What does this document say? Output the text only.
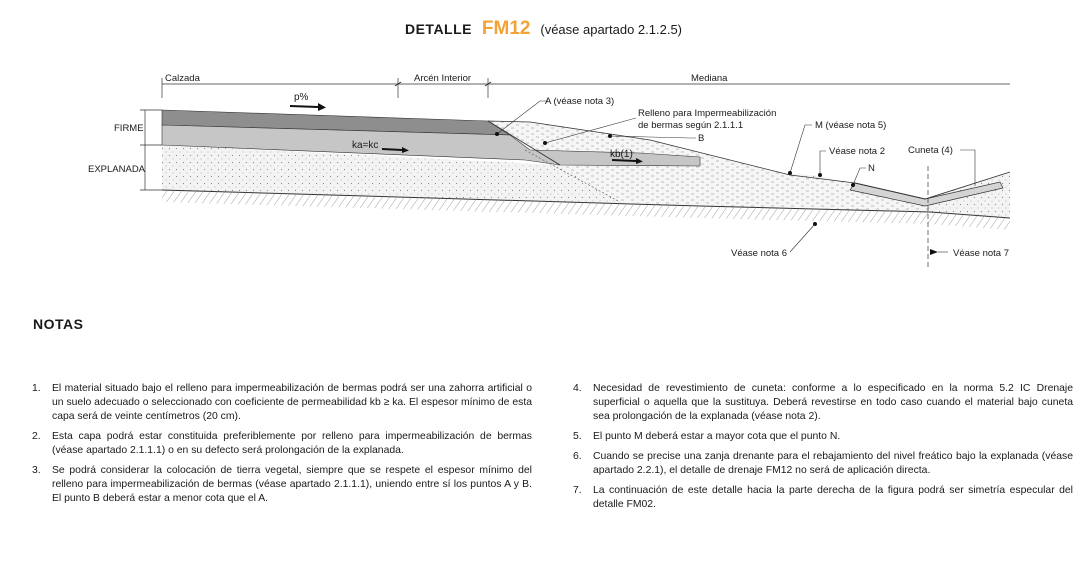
DETALLE FM12 (véase apartado 2.1.2.5)
Calzada	Arcén Interior	Mediana
FIRME
EXPLANADA
p%
ka=kc
kb(1)
A (véase nota 3)
Relleno para Impermeabilización
de bermas según 2.1.1.1
B
M (véase nota 5)
Véase nota 2
N
Cuneta (4)
Véase nota 6	Véase nota 7
NOTAS
1.	El material situado bajo el relleno para impermeabilización de bermas podrá ser una zahorra artificial o un suelo adecuado o seleccionado con coeficiente de permeabilidad kb ≥ ka. El espesor mínimo de esta capa será de veinte centímetros (20 cm).
2.	Esta capa podrá estar constituida preferiblemente por relleno para impermeabilización de bermas (véase apartado 2.1.1.1) o en su defecto será prolongación de la explanada.
3.	Se podrá considerar la colocación de tierra vegetal, siempre que se respete el espesor mínimo del relleno para impermeabilización de bermas (véase apartado 2.1.1.1), uniendo entre sí los puntos A y B. El punto B deberá estar a menor cota que el A.
4.	Necesidad de revestimiento de cuneta: conforme a lo especificado en la norma 5.2 IC Drenaje superficial o aquella que la sustituya. Deberá revestirse en todo caso cuando el material bajo cuneta sea prolongación de la explanada (véase nota 2).
5.	El punto M deberá estar a mayor cota que el punto N.
6.	Cuando se precise una zanja drenante para el rebajamiento del nivel freático bajo la explanada (véase apartado 2.2.1), el detalle de drenaje FM12 no será de aplicación directa.
7.	La continuación de este detalle hacia la parte derecha de la figura podrá ser simetría especular del detalle FM02.
